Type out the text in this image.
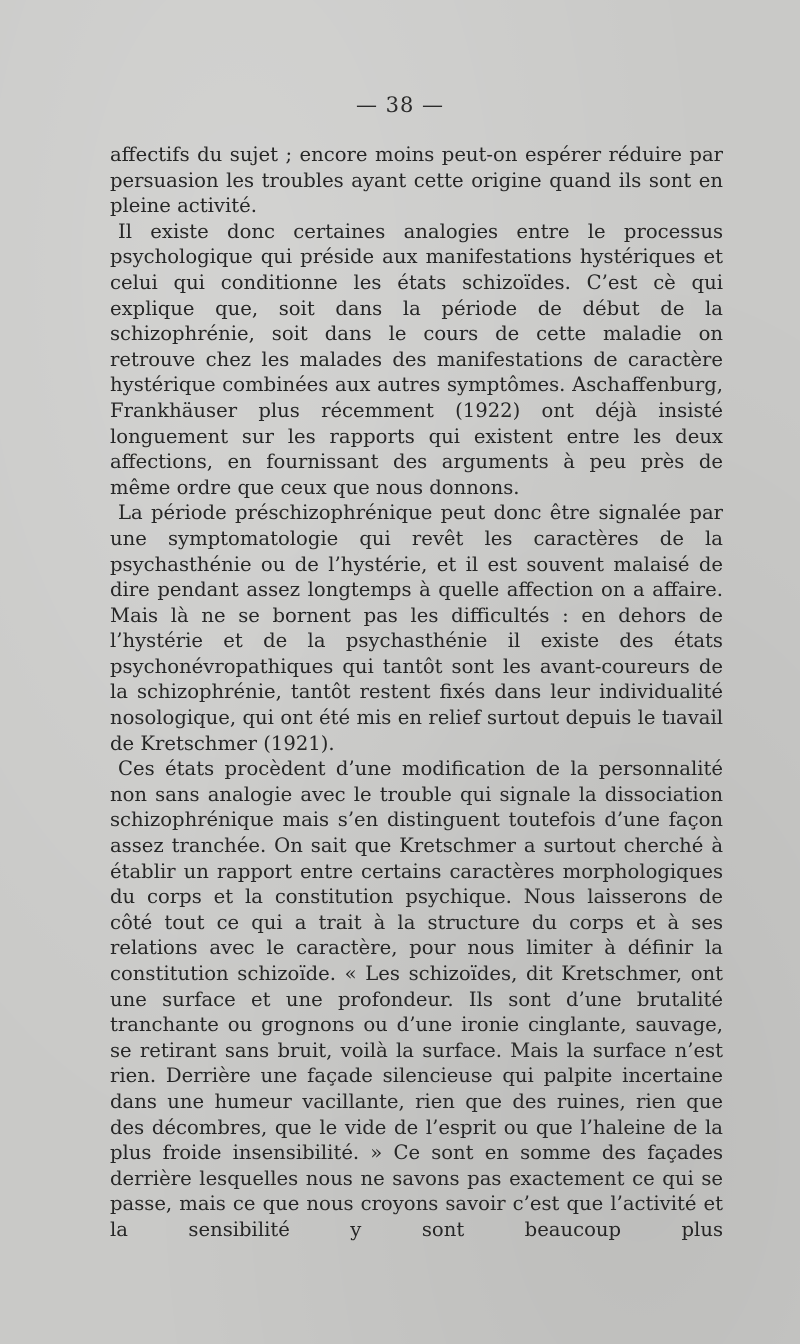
— 38 —

affectifs du sujet ; encore moins peut-on espérer réduire par persuasion les troubles ayant cette origine quand ils sont en pleine activité.

Il existe donc certaines analogies entre le processus psychologique qui préside aux manifestations hystériques et celui qui conditionne les états schizoïdes. C’est cè qui explique que, soit dans la période de début de la schizophrénie, soit dans le cours de cette maladie on retrouve chez les malades des manifestations de caractère hystérique combinées aux autres symptômes. Aschaffenburg, Frankhäuser plus récemment (1922) ont déjà insisté longuement sur les rapports qui existent entre les deux affections, en fournissant des arguments à peu près de même ordre que ceux que nous donnons.

La période préschizophrénique peut donc être signalée par une symptomatologie qui revêt les caractères de la psychasthénie ou de l’hystérie, et il est souvent malaisé de dire pendant assez longtemps à quelle affection on a affaire. Mais là ne se bornent pas les difficultés : en dehors de l’hystérie et de la psychasthénie il existe des états psychonévropathiques qui tantôt sont les avant-coureurs de la schizophrénie, tantôt restent fixés dans leur individualité nosologique, qui ont été mis en relief surtout depuis le tıavail de Kretschmer (1921).

Ces états procèdent d’une modification de la personnalité non sans analogie avec le trouble qui signale la dissociation schizophrénique mais s’en distinguent toutefois d’une façon assez tranchée. On sait que Kretschmer a surtout cherché à établir un rapport entre certains caractères morphologiques du corps et la constitution psychique. Nous laisserons de côté tout ce qui a trait à la structure du corps et à ses relations avec le caractère, pour nous limiter à définir la constitution schizoïde. « Les schizoïdes, dit Kretschmer, ont une surface et une profondeur. Ils sont d’une brutalité tranchante ou grognons ou d’une ironie cinglante, sauvage, se retirant sans bruit, voilà la surface. Mais la surface n’est rien. Derrière une façade silencieuse qui palpite incertaine dans une humeur vacillante, rien que des ruines, rien que des décombres, que le vide de l’esprit ou que l’haleine de la plus froide insensibilité. » Ce sont en somme des façades derrière lesquelles nous ne savons pas exactement ce qui se passe, mais ce que nous croyons savoir c’est que l’activité et la sensibilité y sont beaucoup plus
